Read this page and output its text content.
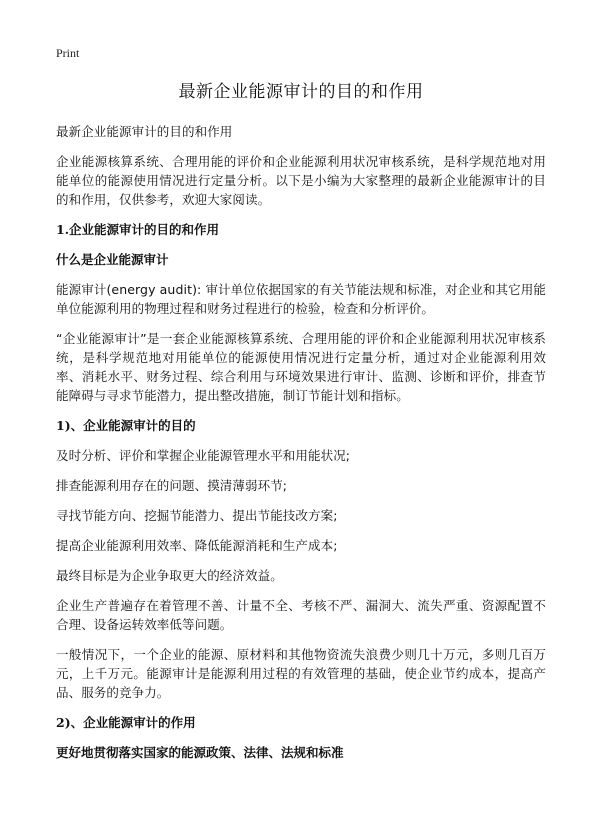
Print
最新企业能源审计的目的和作用

最新企业能源审计的目的和作用

企业能源核算系统、合理用能的评价和企业能源利用状况审核系统，是科学规范地对用能单位的能源使用情况进行定量分析。以下是小编为大家整理的最新企业能源审计的目的和作用，仅供参考，欢迎大家阅读。

1.企业能源审计的目的和作用

什么是企业能源审计

能源审计(energy audit): 审计单位依据国家的有关节能法规和标准，对企业和其它用能单位能源利用的物理过程和财务过程进行的检验，检查和分析评价。

“企业能源审计”是一套企业能源核算系统、合理用能的评价和企业能源利用状况审核系统，是科学规范地对用能单位的能源使用情况进行定量分析，通过对企业能源利用效率、消耗水平、财务过程、综合利用与环境效果进行审计、监测、诊断和评价，排查节能障碍与寻求节能潜力，提出整改措施，制订节能计划和指标。

1)、企业能源审计的目的

及时分析、评价和掌握企业能源管理水平和用能状况;

排查能源利用存在的问题、摸清薄弱环节;

寻找节能方向、挖掘节能潜力、提出节能技改方案;

提高企业能源利用效率、降低能源消耗和生产成本;

最终目标是为企业争取更大的经济效益。

企业生产普遍存在着管理不善、计量不全、考核不严、漏洞大、流失严重、资源配置不合理、设备运转效率低等问题。

一般情况下，一个企业的能源、原材料和其他物资流失浪费少则几十万元，多则几百万元，上千万元。能源审计是能源利用过程的有效管理的基础，使企业节约成本，提高产品、服务的竞争力。

2)、企业能源审计的作用

更好地贯彻落实国家的能源政策、法律、法规和标准
